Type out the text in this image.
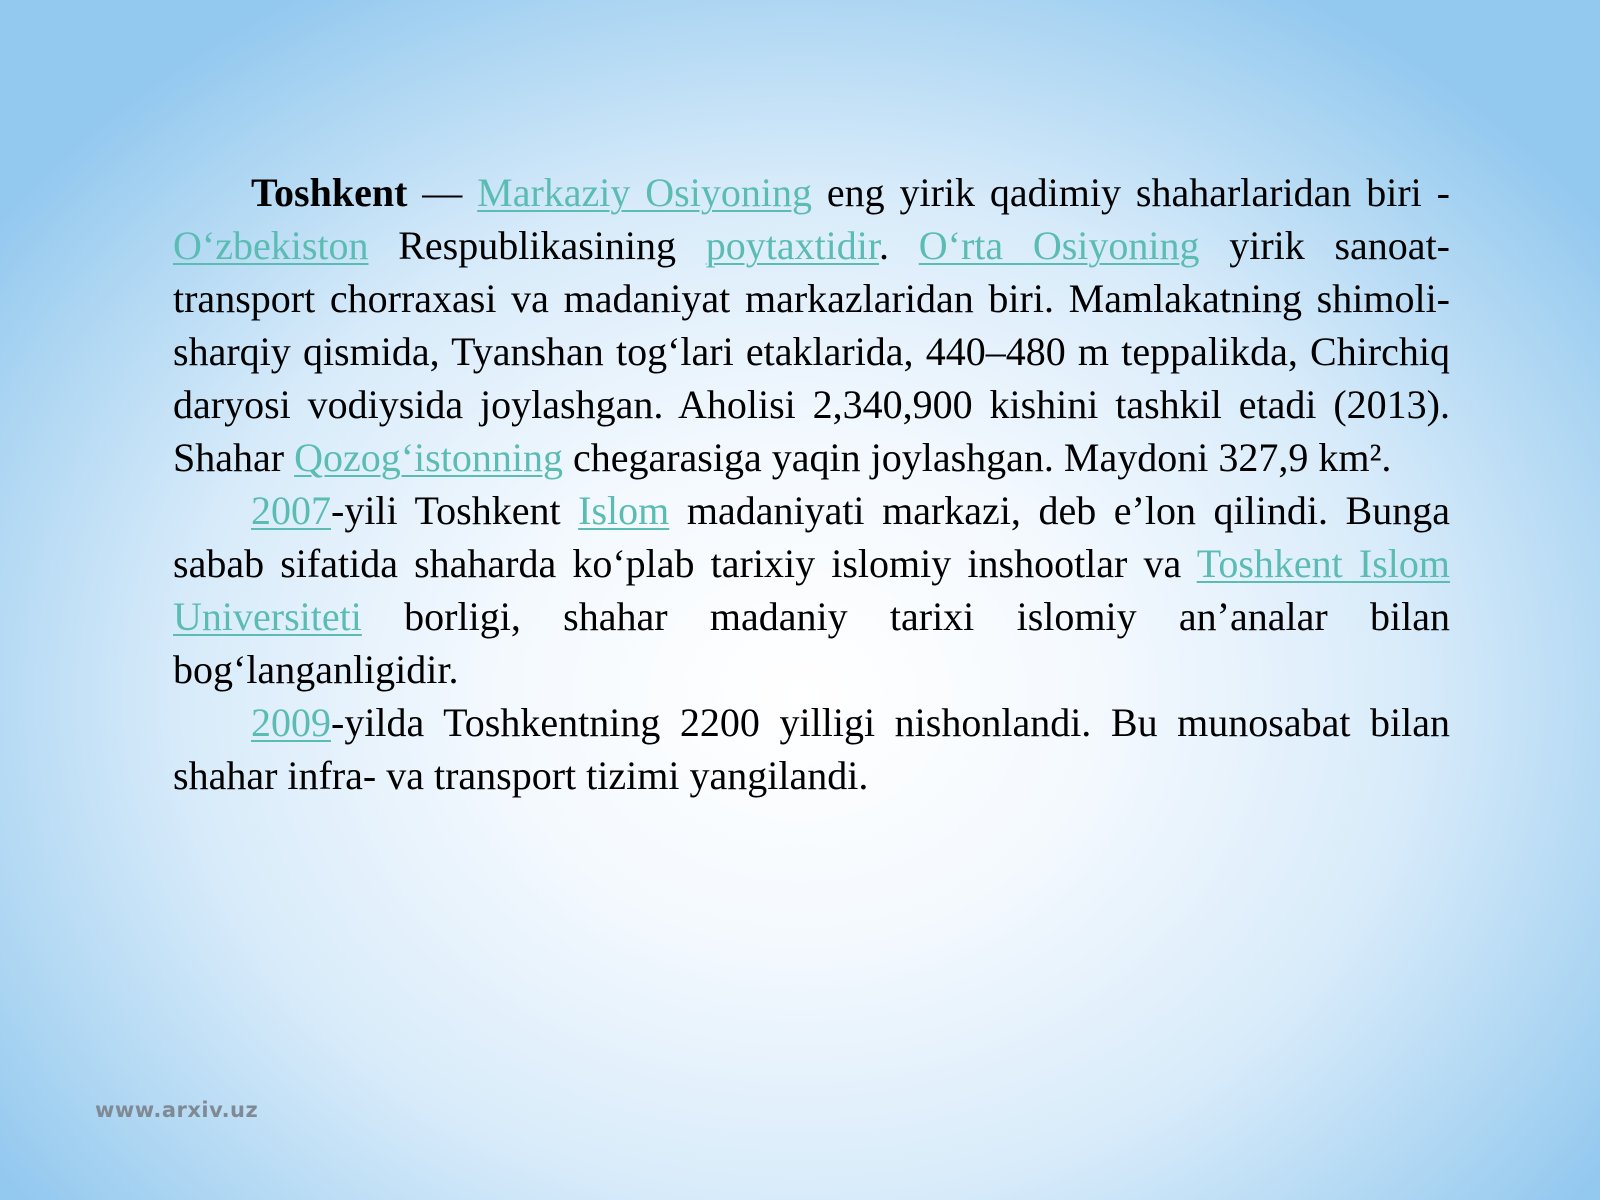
Toshkent — Markaziy Osiyoning eng yirik qadimiy shaharlaridan biri - O‘zbekiston Respublikasining poytaxtidir. O‘rta Osiyoning yirik sanoat-transport chorraxasi va madaniyat markazlaridan biri. Mamlakatning shimoli-sharqiy qismida, Tyanshan tog‘lari etaklarida, 440–480 m teppalikda, Chirchiq daryosi vodiysida joylashgan. Aholisi 2,340,900 kishini tashkil etadi (2013). Shahar Qozog‘istonning chegarasiga yaqin joylashgan. Maydoni 327,9 km².

2007-yili Toshkent Islom madaniyati markazi, deb e’lon qilindi. Bunga sabab sifatida shaharda ko‘plab tarixiy islomiy inshootlar va Toshkent Islom Universiteti borligi, shahar madaniy tarixi islomiy an’analar bilan bog‘langanligidir.

2009-yilda Toshkentning 2200 yilligi nishonlandi. Bu munosabat bilan shahar infra- va transport tizimi yangilandi.

www.arxiv.uz
